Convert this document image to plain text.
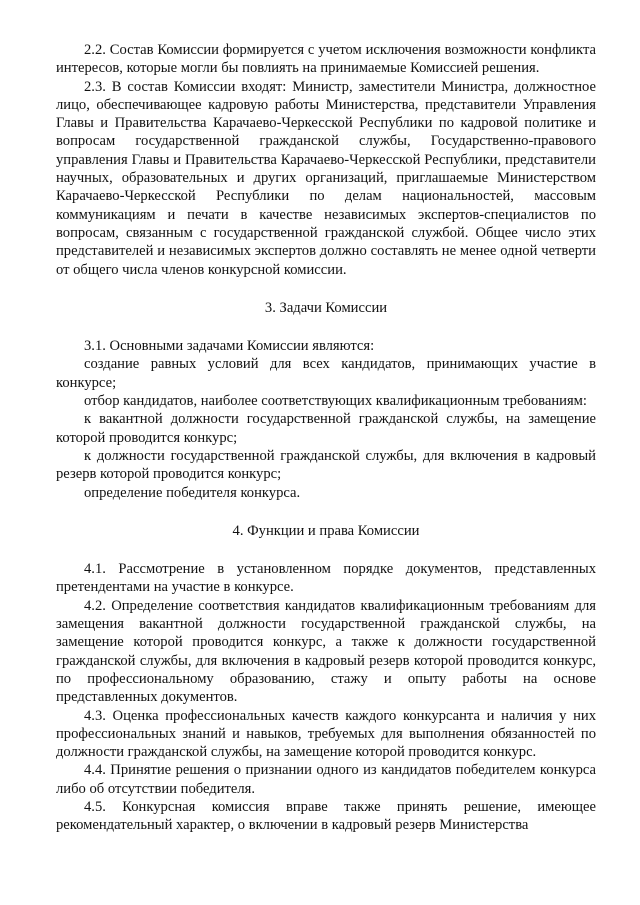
2.2. Состав Комиссии формируется с учетом исключения возможности конфликта интересов, которые могли бы повлиять на принимаемые Комиссией решения.

2.3. В состав Комиссии входят: Министр, заместители Министра, должностное лицо, обеспечивающее кадровую работы Министерства, представители Управления Главы и Правительства Карачаево-Черкесской Республики по кадровой политике и вопросам государственной гражданской службы, Государственно-правового управления Главы и Правительства Карачаево-Черкесской Республики, представители научных, образовательных и других организаций, приглашаемые Министерством Карачаево-Черкесской Республики по делам национальностей, массовым коммуникациям и печати в качестве независимых экспертов-специалистов по вопросам, связанным с государственной гражданской службой. Общее число этих представителей и независимых экспертов должно составлять не менее одной четверти от общего числа членов конкурсной комиссии.

3. Задачи Комиссии

3.1. Основными задачами Комиссии являются:

создание равных условий для всех кандидатов, принимающих участие в конкурсе;

отбор кандидатов, наиболее соответствующих квалификационным требованиям:

к вакантной должности государственной гражданской службы, на замещение которой проводится конкурс;

к должности государственной гражданской службы, для включения в кадровый резерв которой проводится конкурс;

определение победителя конкурса.

4. Функции и права Комиссии

4.1. Рассмотрение в установленном порядке документов, представленных претендентами на участие в конкурсе.

4.2. Определение соответствия кандидатов квалификационным требованиям для замещения вакантной должности государственной гражданской службы, на замещение которой проводится конкурс, а также к должности государственной гражданской службы, для включения в кадровый резерв которой проводится конкурс, по профессиональному образованию, стажу и опыту работы на основе представленных документов.

4.3. Оценка профессиональных качеств каждого конкурсанта и наличия у них профессиональных знаний и навыков, требуемых для выполнения обязанностей по должности гражданской службы, на замещение которой проводится конкурс.

4.4. Принятие решения о признании одного из кандидатов победителем конкурса либо об отсутствии победителя.

4.5. Конкурсная комиссия вправе также принять решение, имеющее рекомендательный характер, о включении в кадровый резерв Министерства
